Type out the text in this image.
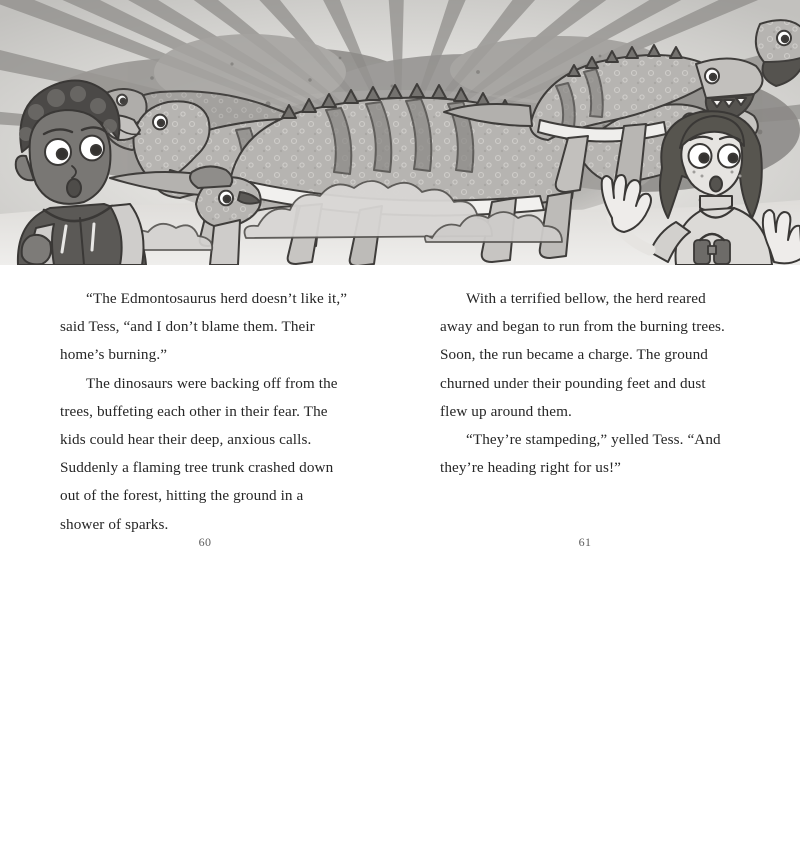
“The Edmontosaurus herd doesn’t like it,” said Tess, “and I don’t blame them. Their home’s burning.”

The dinosaurs were backing off from the trees, buffeting each other in their fear. The kids could hear their deep, anxious calls. Suddenly a flaming tree trunk crashed down out of the forest, hitting the ground in a shower of sparks.

With a terrified bellow, the herd reared away and began to run from the burning trees. Soon, the run became a charge. The ground churned under their pounding feet and dust flew up around them.

“They’re stampeding,” yelled Tess. “And they’re heading right for us!”

60	61
